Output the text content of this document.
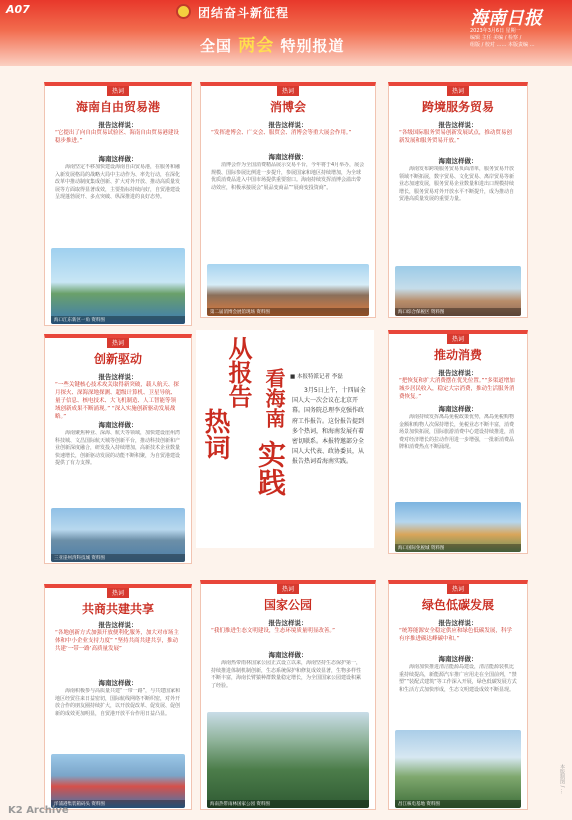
A07	团结奋斗新征程
全国 两会 特别报道
海南日报
2023年3月6日 星期一
编辑 主任 美编 / 检察 /
组版 / 校对 …… 本版责编 …
热词
海南自由贸易港
报告这样说：
“它提出了向自由贸易试验区、海南自由贸易港建设稳步推进。”
海南这样做：
海南坚定不移加快建设海南自由贸易港，在服务和融入新发展格局的战略大局中主动作为、率先行动，在深化改革中推动制度集成创新、扩大对外开放、推动高质量发展等方面取得显著成效，主要指标持续向好，自贸港建设呈现蓬勃展开、多点突破、纵深推进的良好态势。
海口江东新区一角 资料图
热词
消博会
报告这样说：
“发挥进博会、广交会、服贸会、消博会等重大展会作用。”
海南这样做：
消博会作为全国消费精品展示交易平台，今年将于4月举办，展会规模、国际参展比例进一步提升，参展国家和地区持续增加，为全球优质消费品进入中国市场提供重要窗口。海南持续发挥消博会溢出带动效应，积极承接展会“展品变商品”“展商变投资商”。
第二届消博会展馆现场 资料图
热词
跨境服务贸易
报告这样说：
“各级国际服务贸易创新发展试点，推动贸易创新发展和服务贸易开放。”
海南这样做：
海南发布跨境服务贸易负面清单，服务贸易开放领域不断拓展，数字贸易、文化贸易、离岸贸易等新业态加速发展，服务贸易企业数量和进出口规模持续增长，服务贸易对外开放水平不断提升，成为推动自贸港高质量发展的重要力量。
海口综合保税区 资料图
热词
创新驱动
报告这样说：
“一些关键核心技术攻关取得新突破，载人航天、探月探火、深海深地探测、超级计算机、卫星导航、量子信息、核电技术、大飞机制造、人工智能等领域创新成果不断涌现。” “深入实施创新驱动发展战略。”
海南这样做：
海南聚焦种业、深海、航天等领域，加快建设崖州湾科技城、文昌国际航天城等创新平台，推动科技创新和产业创新深度融合，研发投入持续增加，高新技术企业数量快速增长，创新驱动发展的动能不断积聚，为自贸港建设提供了有力支撑。
三亚崖州湾科技城 资料图
从报告
热词
看海南
实践
■ 本报特派记者 李磊
3月5日上午，十四届全国人大一次会议在北京开幕。国务院总理李克强作政府工作报告。这份报告提到多个热词，和海南发展有着密切联系。本报特邀部分全国人大代表、政协委员，从报告热词看海南实践。
热词
推动消费
报告这样说：
“把恢复和扩大消费摆在优先位置。”“多渠道增加城乡居民收入，稳定大宗消费，推动生活服务消费恢复。”
海南这样做：
海南持续发挥离岛免税政策优势，离岛免税购物金额和购物人次保持增长，免税业态不断丰富，消费场景加快拓展，国际旅游消费中心建设持续推进，消费对经济增长的拉动作用进一步增强，一批新消费品牌和消费热点不断涌现。
海口国际免税城 资料图
热词
共商共建共享
报告这样说：
“各地创新方式加强开放便利化服务，加大对市场主体和中小企业支持力度” “坚持共商共建共享，推动共建‘一带一路’高质量发展”
海南这样做：
海南积极参与高质量共建“一带一路”，与共建国家和地区经贸往来日益密切，国际航线网络不断织密，对外开放合作的朋友圈持续扩大，以开放促改革、促发展、促创新的成效更加明显，自贸港开放平台作用日益凸显。
洋浦港集装箱码头 资料图
热词
国家公园
报告这样说：
“我们推进生态文明建设，生态环境质量明显改善。”
海南这样做：
海南热带雨林国家公园正式设立以来，海南坚持生态保护第一，持续推进体制机制创新，生态系统保护和修复成效显著，生物多样性不断丰富，海南长臂猿种群数量稳定增长，为全国国家公园建设积累了经验。
海南热带雨林国家公园 资料图
热词
绿色低碳发展
报告这样说：
“统筹能源安全稳定供应和绿色低碳发展，科学有序推进碳达峰碳中和。”
海南这样做：
海南加快推进清洁能源岛建设，清洁能源装机比重持续提高，新能源汽车推广应用走在全国前列，“禁塑”“装配式建筑”等工作深入开展，绿色低碳发展方式和生活方式加快形成，生态文明建设成效不断显现。
昌江核电基地 资料图
本版制图 / …
K2 Archive
